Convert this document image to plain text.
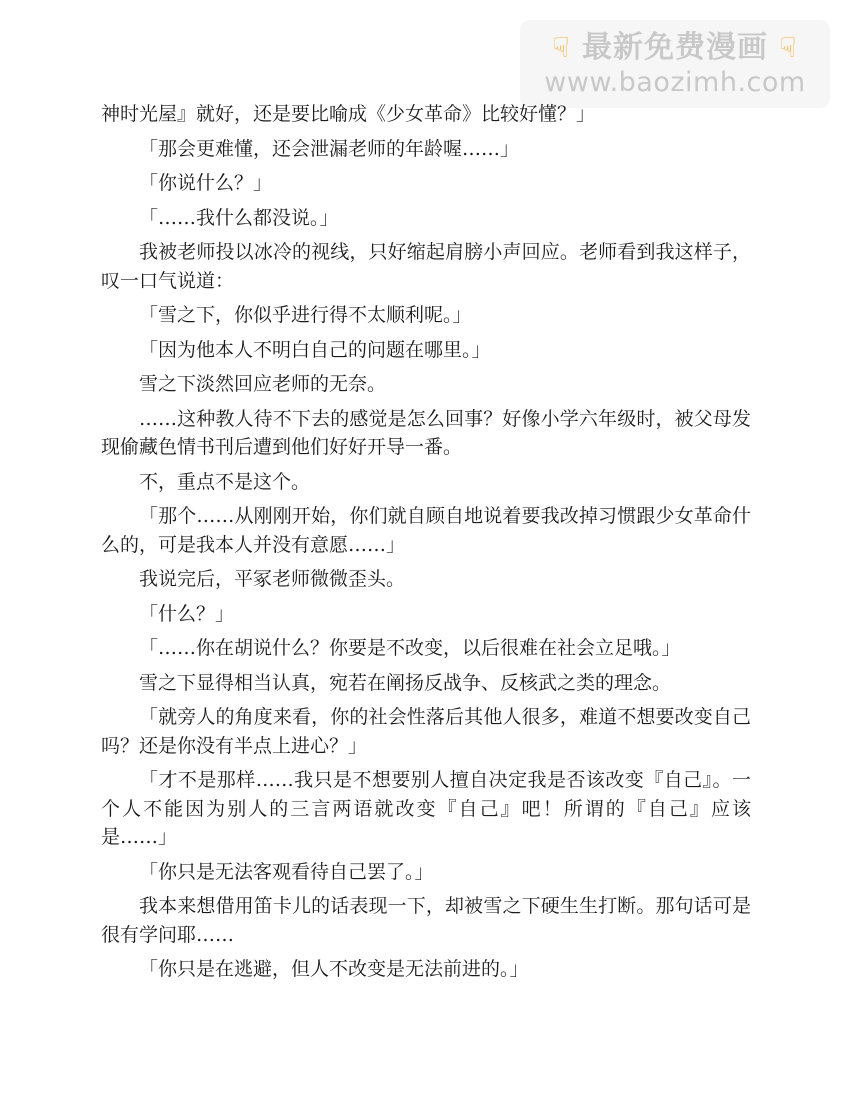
☟ 最新免费漫画 ☟
www.baozimh.com

神时光屋』就好，还是要比喻成《少女革命》比较好懂？」

「那会更难懂，还会泄漏老师的年龄喔……」

「你说什么？」

「……我什么都没说。」

我被老师投以冰冷的视线，只好缩起肩膀小声回应。老师看到我这样子，叹一口气说道：

「雪之下，你似乎进行得不太顺利呢。」

「因为他本人不明白自己的问题在哪里。」

雪之下淡然回应老师的无奈。

……这种教人待不下去的感觉是怎么回事？好像小学六年级时，被父母发现偷藏色情书刊后遭到他们好好开导一番。

不，重点不是这个。

「那个……从刚刚开始，你们就自顾自地说着要我改掉习惯跟少女革命什么的，可是我本人并没有意愿……」

我说完后，平冢老师微微歪头。

「什么？」

「……你在胡说什么？你要是不改变，以后很难在社会立足哦。」

雪之下显得相当认真，宛若在阐扬反战争、反核武之类的理念。

「就旁人的角度来看，你的社会性落后其他人很多，难道不想要改变自己吗？还是你没有半点上进心？」

「才不是那样……我只是不想要别人擅自决定我是否该改变『自己』。一个人不能因为别人的三言两语就改变『自己』吧！所谓的『自己』应该是……」

「你只是无法客观看待自己罢了。」

我本来想借用笛卡儿的话表现一下，却被雪之下硬生生打断。那句话可是很有学问耶……

「你只是在逃避，但人不改变是无法前进的。」
